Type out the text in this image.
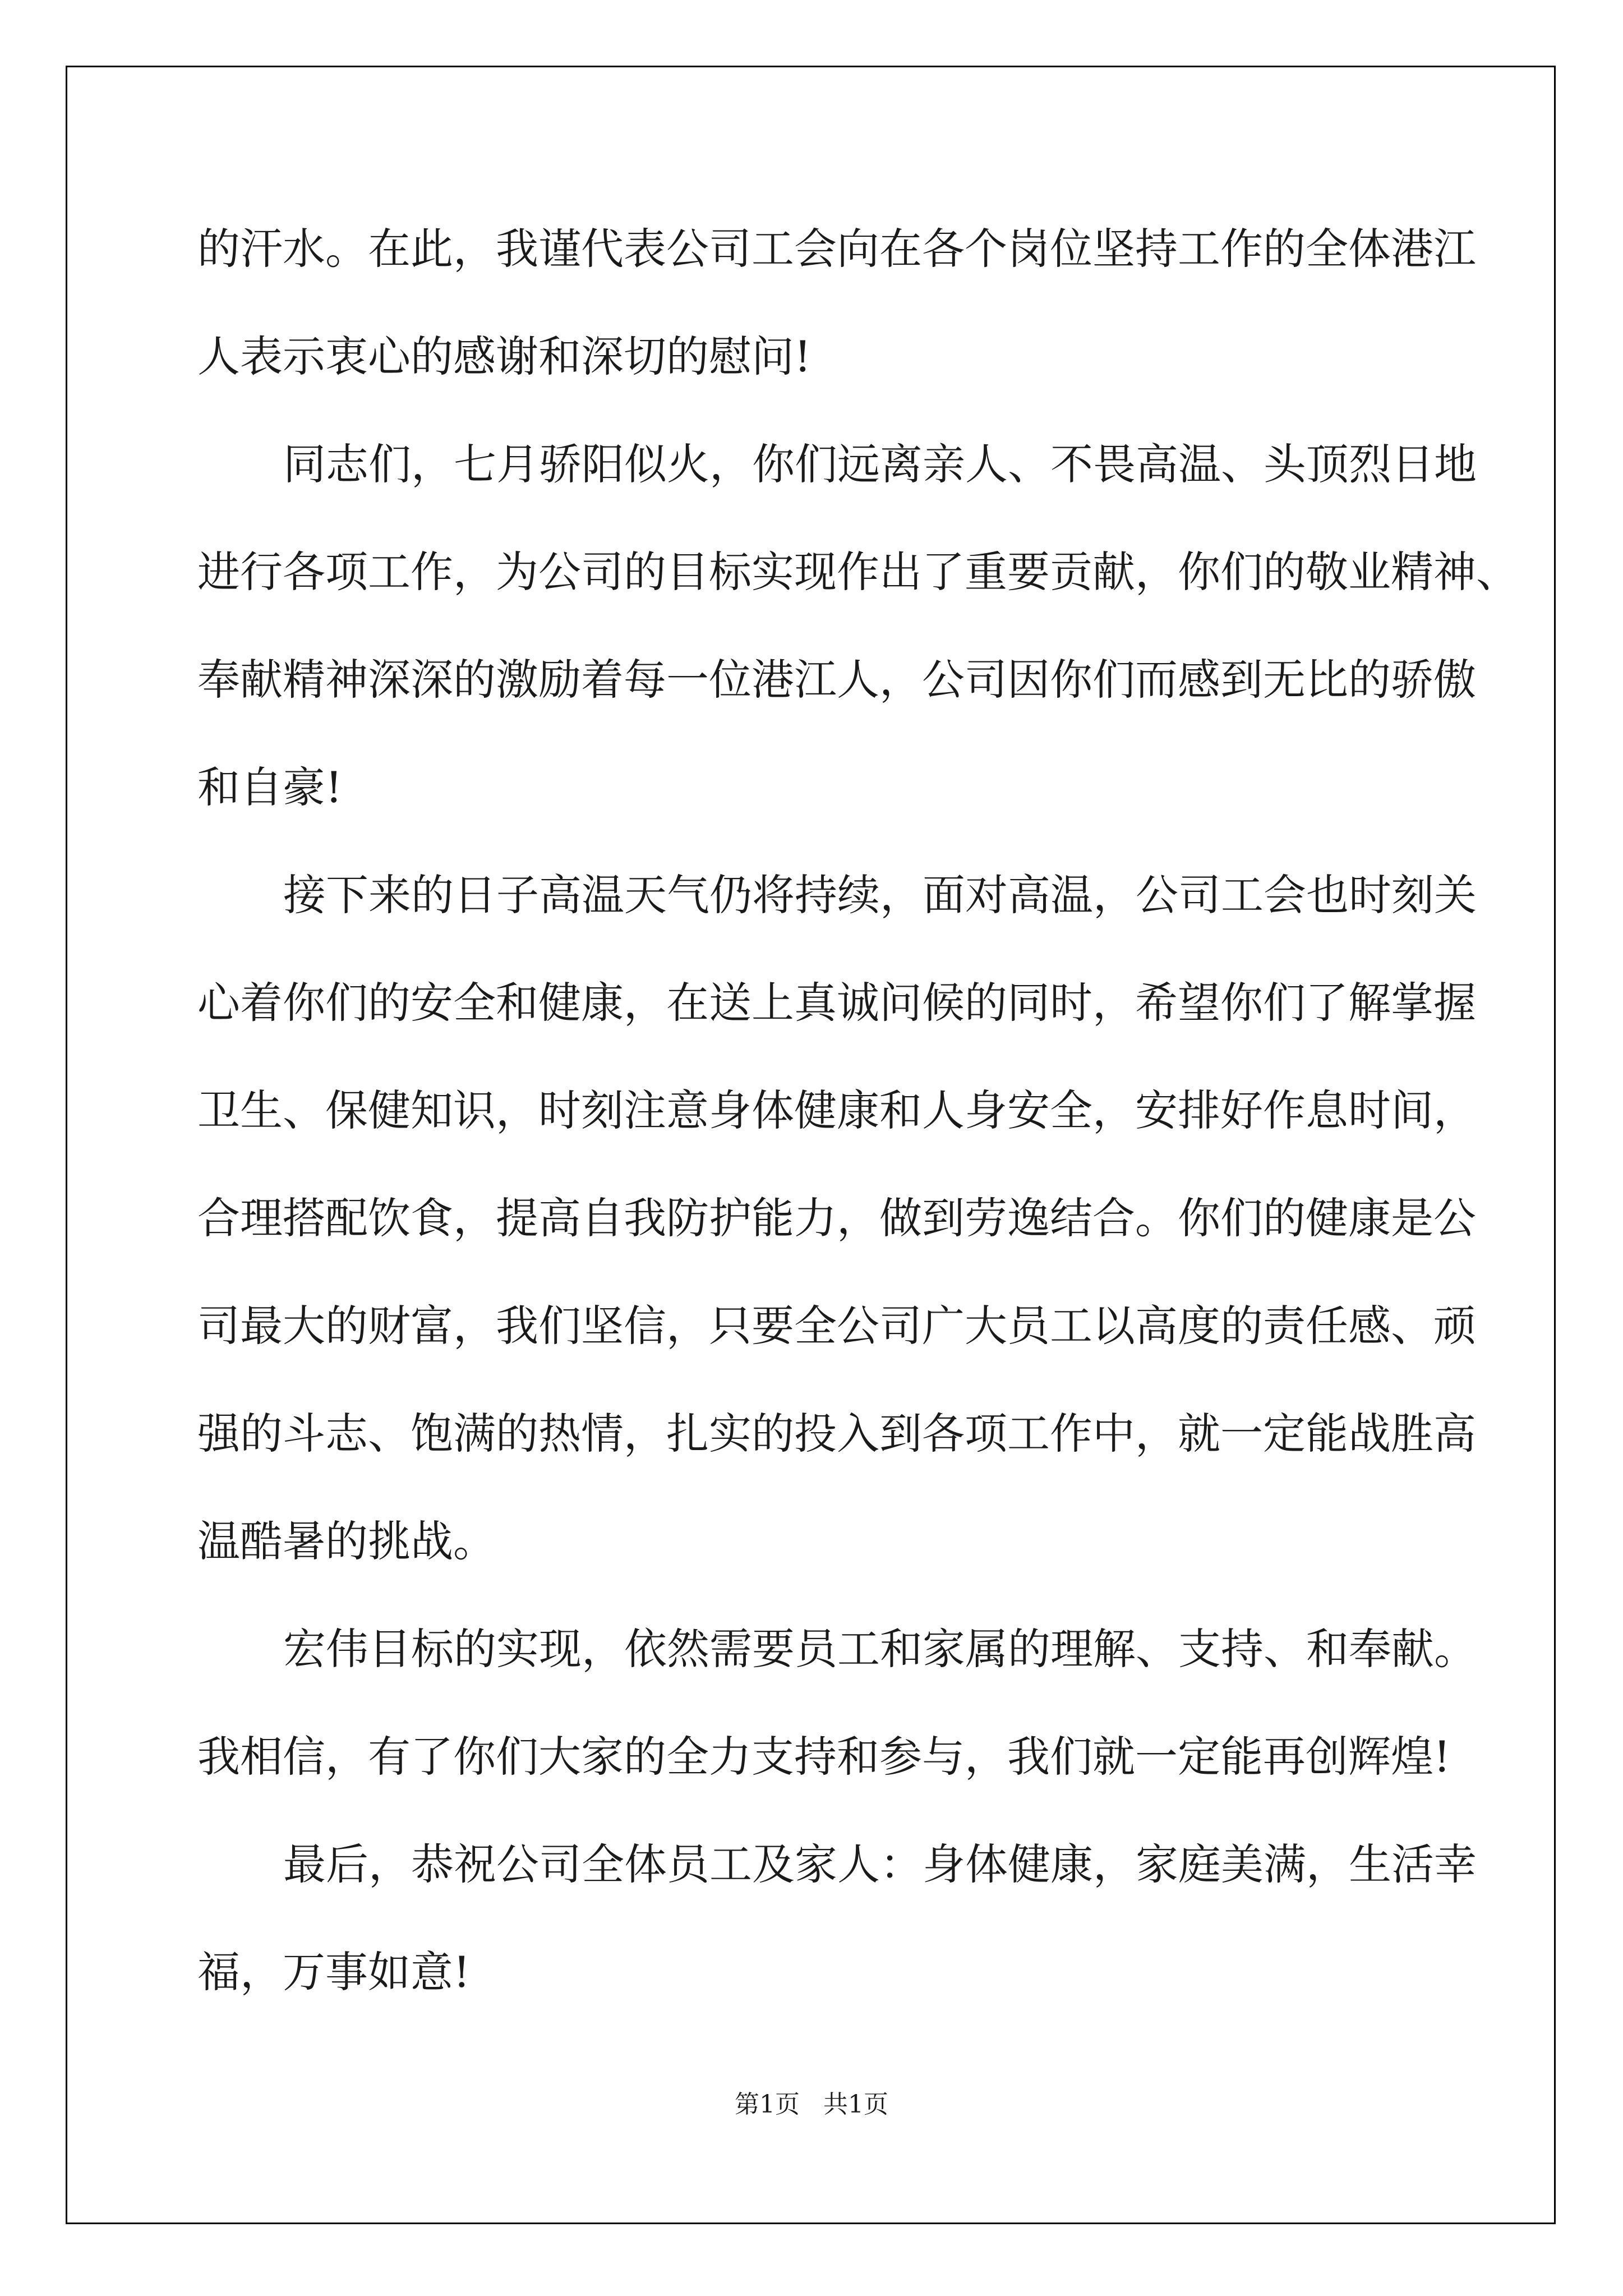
的汗水。在此，我谨代表公司工会向在各个岗位坚持工作的全体港江

人表示衷心的感谢和深切的慰问!

同志们，七月骄阳似火，你们远离亲人、不畏高温、头顶烈日地

进行各项工作，为公司的目标实现作出了重要贡献，你们的敬业精神、

奉献精神深深的激励着每一位港江人，公司因你们而感到无比的骄傲

和自豪!

接下来的日子高温天气仍将持续，面对高温，公司工会也时刻关

心着你们的安全和健康，在送上真诚问候的同时，希望你们了解掌握

卫生、保健知识，时刻注意身体健康和人身安全，安排好作息时间，

合理搭配饮食，提高自我防护能力，做到劳逸结合。你们的健康是公

司最大的财富，我们坚信，只要全公司广大员工以高度的责任感、顽

强的斗志、饱满的热情，扎实的投入到各项工作中，就一定能战胜高

温酷暑的挑战。

宏伟目标的实现，依然需要员工和家属的理解、支持、和奉献。

我相信，有了你们大家的全力支持和参与，我们就一定能再创辉煌!

最后，恭祝公司全体员工及家人：身体健康，家庭美满，生活幸

福，万事如意!

第1页   共1页
